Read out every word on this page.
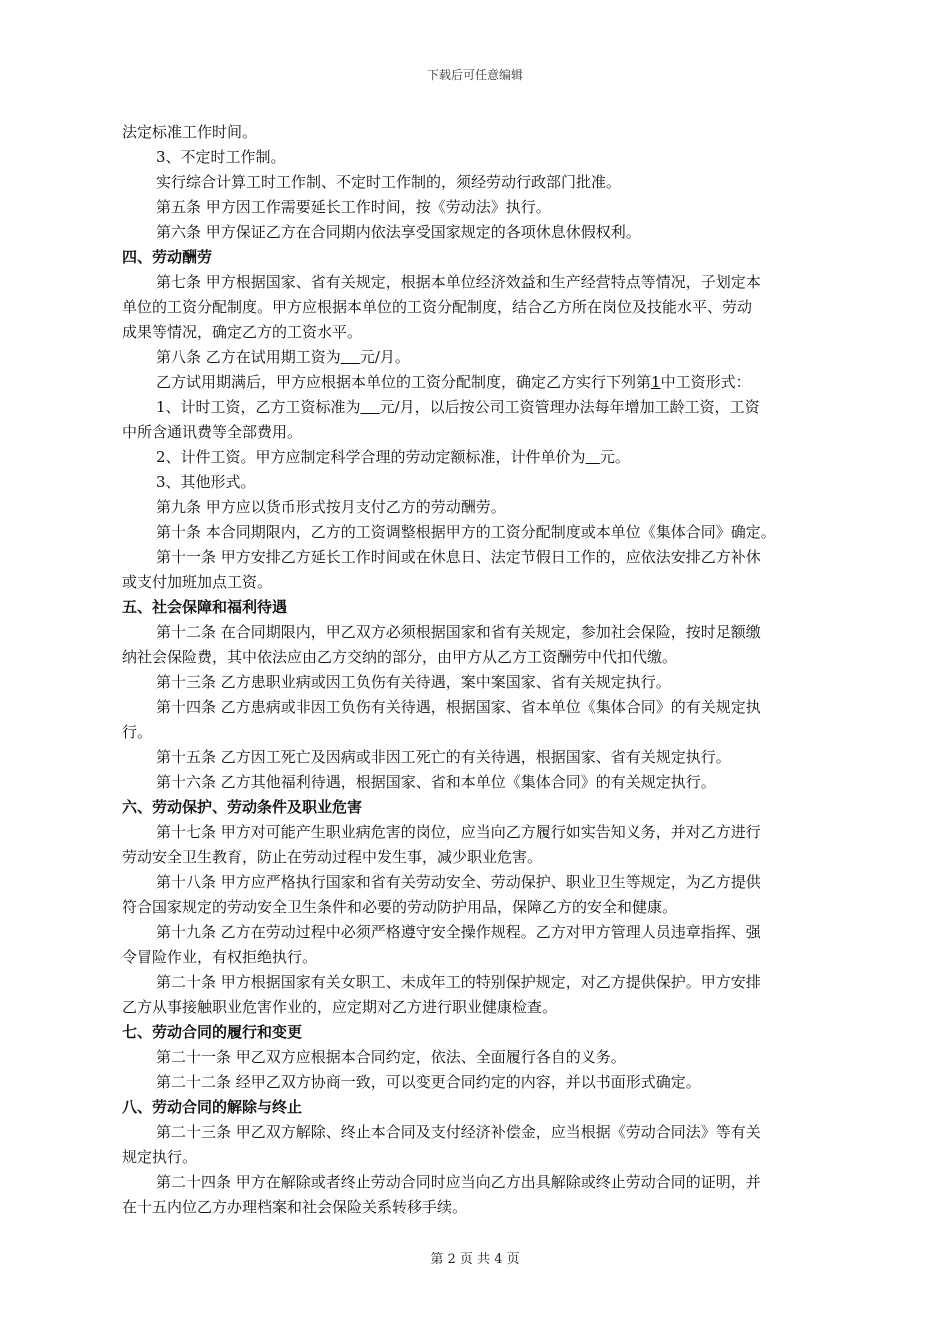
下载后可任意编辑
法定标准工作时间。
3、不定时工作制。
实行综合计算工时工作制、不定时工作制的，须经劳动行政部门批准。
第五条 甲方因工作需要延长工作时间，按《劳动法》执行。
第六条 甲方保证乙方在合同期内依法享受国家规定的各项休息休假权利。
四、劳动酬劳
第七条 甲方根据国家、省有关规定，根据本单位经济效益和生产经营特点等情况，子划定本
单位的工资分配制度。甲方应根据本单位的工资分配制度，结合乙方所在岗位及技能水平、劳动
成果等情况，确定乙方的工资水平。
第八条 乙方在试用期工资为 元/月。
乙方试用期满后，甲方应根据本单位的工资分配制度，确定乙方实行下列第1中工资形式：
1、计时工资，乙方工资标准为 元/月，以后按公司工资管理办法每年增加工龄工资，工资
中所含通讯费等全部费用。
2、计件工资。甲方应制定科学合理的劳动定额标准，计件单价为 元。
3、其他形式。
第九条 甲方应以货币形式按月支付乙方的劳动酬劳。
第十条 本合同期限内，乙方的工资调整根据甲方的工资分配制度或本单位《集体合同》确定。
第十一条 甲方安排乙方延长工作时间或在休息日、法定节假日工作的，应依法安排乙方补休
或支付加班加点工资。
五、社会保障和福利待遇
第十二条 在合同期限内，甲乙双方必须根据国家和省有关规定，参加社会保险，按时足额缴
纳社会保险费，其中依法应由乙方交纳的部分，由甲方从乙方工资酬劳中代扣代缴。
第十三条 乙方患职业病或因工负伤有关待遇，案中案国家、省有关规定执行。
第十四条 乙方患病或非因工负伤有关待遇，根据国家、省本单位《集体合同》的有关规定执
行。
第十五条 乙方因工死亡及因病或非因工死亡的有关待遇，根据国家、省有关规定执行。
第十六条 乙方其他福利待遇，根据国家、省和本单位《集体合同》的有关规定执行。
六、劳动保护、劳动条件及职业危害
第十七条 甲方对可能产生职业病危害的岗位，应当向乙方履行如实告知义务，并对乙方进行
劳动安全卫生教育，防止在劳动过程中发生事，减少职业危害。
第十八条 甲方应严格执行国家和省有关劳动安全、劳动保护、职业卫生等规定，为乙方提供
符合国家规定的劳动安全卫生条件和必要的劳动防护用品，保障乙方的安全和健康。
第十九条 乙方在劳动过程中必须严格遵守安全操作规程。乙方对甲方管理人员违章指挥、强
令冒险作业，有权拒绝执行。
第二十条 甲方根据国家有关女职工、未成年工的特别保护规定，对乙方提供保护。甲方安排
乙方从事接触职业危害作业的，应定期对乙方进行职业健康检查。
七、劳动合同的履行和变更
第二十一条 甲乙双方应根据本合同约定，依法、全面履行各自的义务。
第二十二条 经甲乙双方协商一致，可以变更合同约定的内容，并以书面形式确定。
八、劳动合同的解除与终止
第二十三条 甲乙双方解除、终止本合同及支付经济补偿金，应当根据《劳动合同法》等有关
规定执行。
第二十四条 甲方在解除或者终止劳动合同时应当向乙方出具解除或终止劳动合同的证明，并
在十五内位乙方办理档案和社会保险关系转移手续。
第 2 页 共 4 页
